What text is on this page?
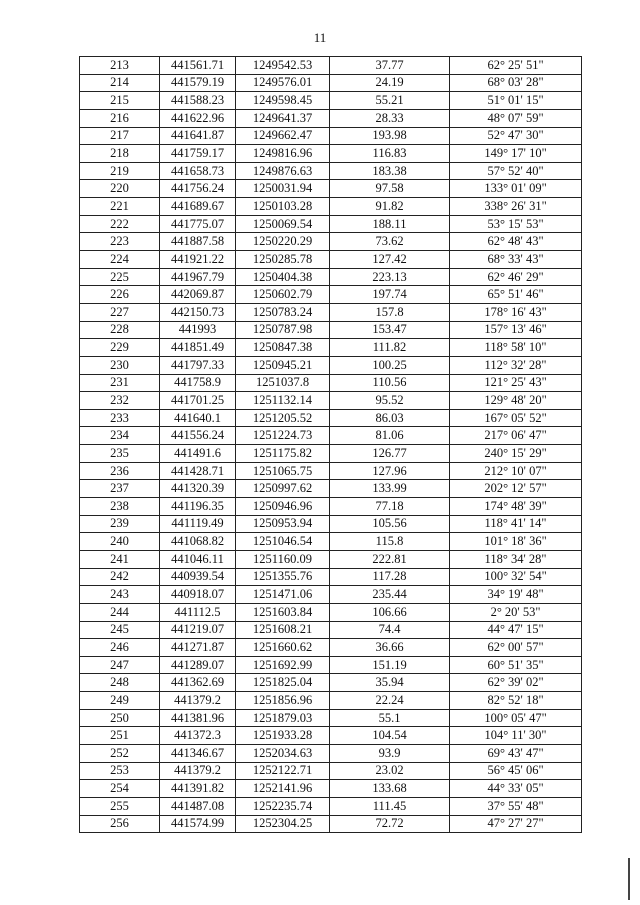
11
213	441561.71	1249542.53	37.77	62° 25' 51"
214	441579.19	1249576.01	24.19	68° 03' 28"
215	441588.23	1249598.45	55.21	51° 01' 15"
216	441622.96	1249641.37	28.33	48° 07' 59"
217	441641.87	1249662.47	193.98	52° 47' 30"
218	441759.17	1249816.96	116.83	149° 17' 10"
219	441658.73	1249876.63	183.38	57° 52' 40"
220	441756.24	1250031.94	97.58	133° 01' 09"
221	441689.67	1250103.28	91.82	338° 26' 31"
222	441775.07	1250069.54	188.11	53° 15' 53"
223	441887.58	1250220.29	73.62	62° 48' 43"
224	441921.22	1250285.78	127.42	68° 33' 43"
225	441967.79	1250404.38	223.13	62° 46' 29"
226	442069.87	1250602.79	197.74	65° 51' 46"
227	442150.73	1250783.24	157.8	178° 16' 43"
228	441993	1250787.98	153.47	157° 13' 46"
229	441851.49	1250847.38	111.82	118° 58' 10"
230	441797.33	1250945.21	100.25	112° 32' 28"
231	441758.9	1251037.8	110.56	121° 25' 43"
232	441701.25	1251132.14	95.52	129° 48' 20"
233	441640.1	1251205.52	86.03	167° 05' 52"
234	441556.24	1251224.73	81.06	217° 06' 47"
235	441491.6	1251175.82	126.77	240° 15' 29"
236	441428.71	1251065.75	127.96	212° 10' 07"
237	441320.39	1250997.62	133.99	202° 12' 57"
238	441196.35	1250946.96	77.18	174° 48' 39"
239	441119.49	1250953.94	105.56	118° 41' 14"
240	441068.82	1251046.54	115.8	101° 18' 36"
241	441046.11	1251160.09	222.81	118° 34' 28"
242	440939.54	1251355.76	117.28	100° 32' 54"
243	440918.07	1251471.06	235.44	34° 19' 48"
244	441112.5	1251603.84	106.66	2° 20' 53"
245	441219.07	1251608.21	74.4	44° 47' 15"
246	441271.87	1251660.62	36.66	62° 00' 57"
247	441289.07	1251692.99	151.19	60° 51' 35"
248	441362.69	1251825.04	35.94	62° 39' 02"
249	441379.2	1251856.96	22.24	82° 52' 18"
250	441381.96	1251879.03	55.1	100° 05' 47"
251	441372.3	1251933.28	104.54	104° 11' 30"
252	441346.67	1252034.63	93.9	69° 43' 47"
253	441379.2	1252122.71	23.02	56° 45' 06"
254	441391.82	1252141.96	133.68	44° 33' 05"
255	441487.08	1252235.74	111.45	37° 55' 48"
256	441574.99	1252304.25	72.72	47° 27' 27"
